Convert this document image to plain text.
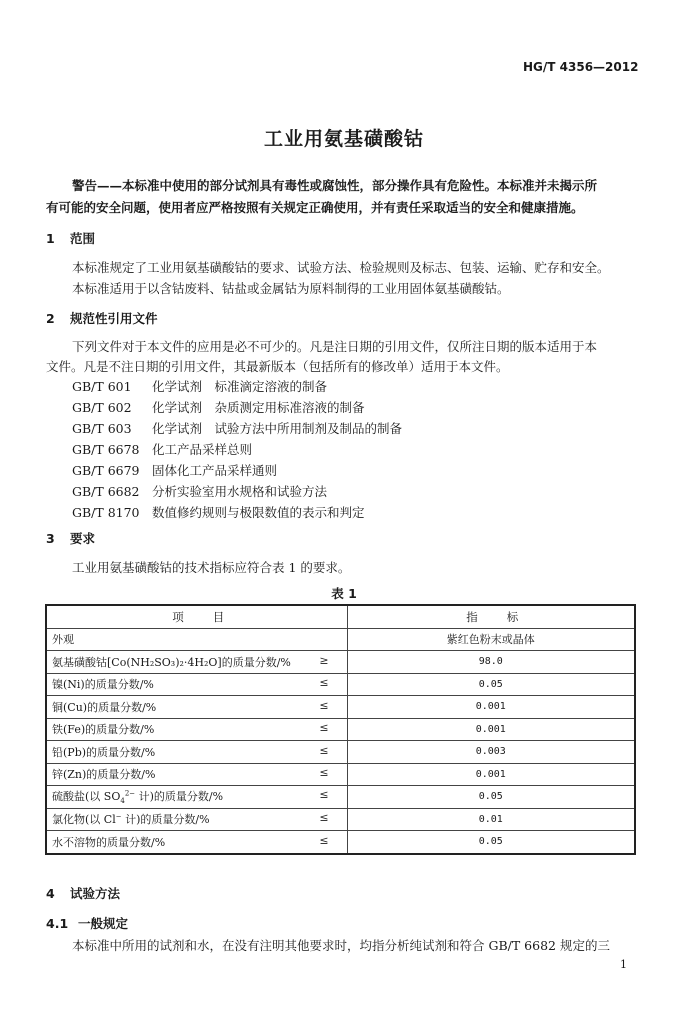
HG/T 4356—2012
工业用氨基磺酸钴
警告——本标准中使用的部分试剂具有毒性或腐蚀性，部分操作具有危险性。本标准并未揭示所
有可能的安全问题，使用者应严格按照有关规定正确使用，并有责任采取适当的安全和健康措施。
1 范围
本标准规定了工业用氨基磺酸钴的要求、试验方法、检验规则及标志、包装、运输、贮存和安全。
本标准适用于以含钴废料、钴盐或金属钴为原料制得的工业用固体氨基磺酸钴。
2 规范性引用文件
下列文件对于本文件的应用是必不可少的。凡是注日期的引用文件，仅所注日期的版本适用于本
文件。凡是不注日期的引用文件，其最新版本（包括所有的修改单）适用于本文件。
GB/T 601 化学试剂　标准滴定溶液的制备
GB/T 602 化学试剂　杂质测定用标准溶液的制备
GB/T 603 化学试剂　试验方法中所用制剂及制品的制备
GB/T 6678 化工产品采样总则
GB/T 6679 固体化工产品采样通则
GB/T 6682 分析实验室用水规格和试验方法
GB/T 8170 数值修约规则与极限数值的表示和判定
3 要求
工业用氨基磺酸钴的技术指标应符合表 1 的要求。
表 1
项　　目	指　　标
外观	紫红色粉末或晶体

氨基磺酸钴[Co(NH₂SO₃)₂·4H₂O]的质量分数/% ≥	98.0

镍(Ni)的质量分数/% ≤	0.05

铜(Cu)的质量分数/% ≤	0.001

铁(Fe)的质量分数/% ≤	0.001

铅(Pb)的质量分数/% ≤	0.003

锌(Zn)的质量分数/% ≤	0.001

硫酸盐(以 $SO_4^{2-}$ 计)的质量分数/% ≤	0.05

氯化物(以 Cl− 计)的质量分数/% ≤	0.01

水不溶物的质量分数/% ≤	0.05
4 试验方法
4.1 一般规定
本标准中所用的试剂和水，在没有注明其他要求时，均指分析纯试剂和符合 GB/T 6682 规定的三
1
